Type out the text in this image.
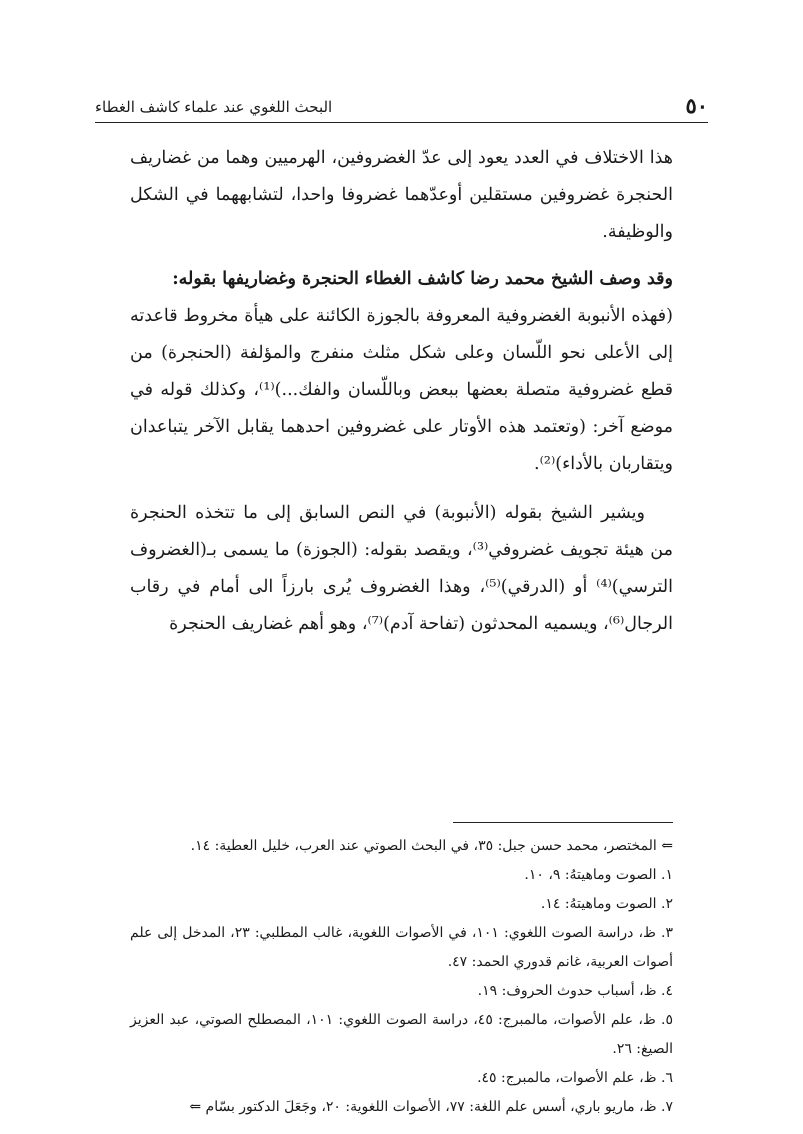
٥٠
البحث اللغوي عند علماء كاشف الغطاء

هذا الاختلاف في العدد يعود إلى عدّ الغضروفين، الهرميين وهما من غضاريف الحنجرة غضروفين مستقلين أوعدّهما غضروفا واحدا، لتشابههما في الشكل والوظيفة.

وقد وصف الشيخ محمد رضا كاشف الغطاء الحنجرة وغضاريفها بقوله:

(فهذه الأنبوبة الغضروفية المعروفة بالجوزة الكائنة على هيأة مخروط قاعدته إلى الأعلى نحو اللّسان وعلى شكل مثلث منفرج والمؤلفة (الحنجرة) من قطع غضروفية متصلة بعضها ببعض وباللّسان والفك...)⁽¹⁾، وكذلك قوله في موضع آخر: (وتعتمد هذه الأوتار على غضروفين احدهما يقابل الآخر يتباعدان ويتقاربان بالأداء)⁽²⁾.

ويشير الشيخ بقوله (الأنبوبة) في النص السابق إلى ما تتخذه الحنجرة من هيئة تجويف غضروفي⁽³⁾، ويقصد بقوله: (الجوزة) ما يسمى بـ(الغضروف الترسي)⁽⁴⁾ أو (الدرقي)⁽⁵⁾، وهذا الغضروف يُرى بارزاً الى أمام في رقاب الرجال⁽⁶⁾، ويسميه المحدثون (تفاحة آدم)⁽⁷⁾، وهو أهم غضاريف الحنجرة

⇐ المختصر، محمد حسن جبل: ٣٥، في البحث الصوتي عند العرب، خليل العطية: ١٤.

١. الصوت وماهيتهُ: ٩، ١٠.

٢. الصوت وماهيتهُ: ١٤.

٣. ظ، دراسة الصوت اللغوي: ١٠١، في الأصوات اللغوية، غالب المطلبي: ٢٣، المدخل إلى علم أصوات العربية، غانم قدوري الحمد: ٤٧.

٤. ظ، أسباب حدوث الحروف: ١٩.

٥. ظ، علم الأصوات، مالمبرج: ٤٥، دراسة الصوت اللغوي: ١٠١، المصطلح الصوتي، عبد العزيز الصيغ: ٢٦.

٦. ظ، علم الأصوات، مالمبرج: ٤٥.

٧. ظ، ماريو باري، أسس علم اللغة: ٧٧، الأصوات اللغوية: ٢٠، وجَعَلَ الدكتور بسّام ⇐
